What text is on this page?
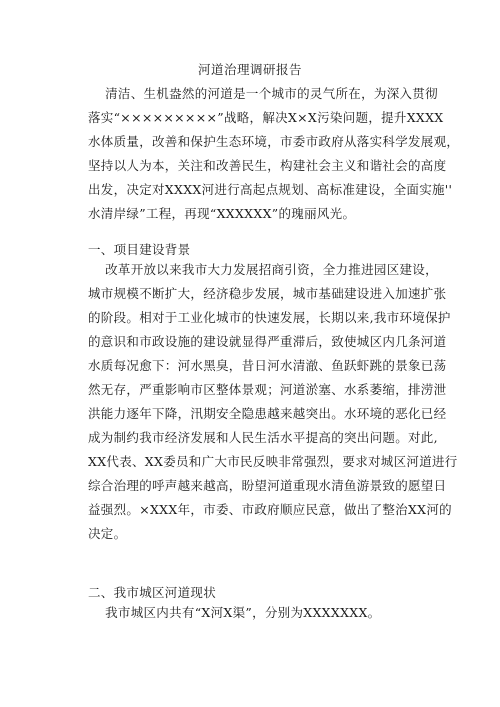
河道治理调研报告
清洁、生机盎然的河道是一个城市的灵气所在，为深入贯彻
落实“×××××××××”战略，解决X×X污染问题，提升XXXX
水体质量，改善和保护生态环境，市委市政府从落实科学发展观，
坚持以人为本，关注和改善民生，构建社会主义和谐社会的高度
出发，决定对XXXX河进行高起点规划、高标准建设，全面实施''
水清岸绿”工程，再现“XXXXXX”的瑰丽风光。
一、项目建设背景
改革开放以来我市大力发展招商引资，全力推进园区建设，
城市规模不断扩大，经济稳步发展，城市基础建设进入加速扩张
的阶段。相对于工业化城市的快速发展，长期以来,我市环境保护
的意识和市政设施的建设就显得严重滞后，致使城区内几条河道
水质每况愈下：河水黑臭，昔日河水清澈、鱼跃虾跳的景象已荡
然无存，严重影响市区整体景观；河道淤塞、水系萎缩，排涝泄
洪能力逐年下降，汛期安全隐患越来越突出。水环境的恶化已经
成为制约我市经济发展和人民生活水平提高的突出问题。对此,
XX代表、XX委员和广大市民反映非常强烈，要求对城区河道进行
综合治理的呼声越来越高，盼望河道重现水清鱼游景致的愿望日
益强烈。×XXX年，市委、市政府顺应民意，做出了整治XX河的
决定。
二、我市城区河道现状
我市城区内共有“X河X渠”，分别为XXXXXXX。
